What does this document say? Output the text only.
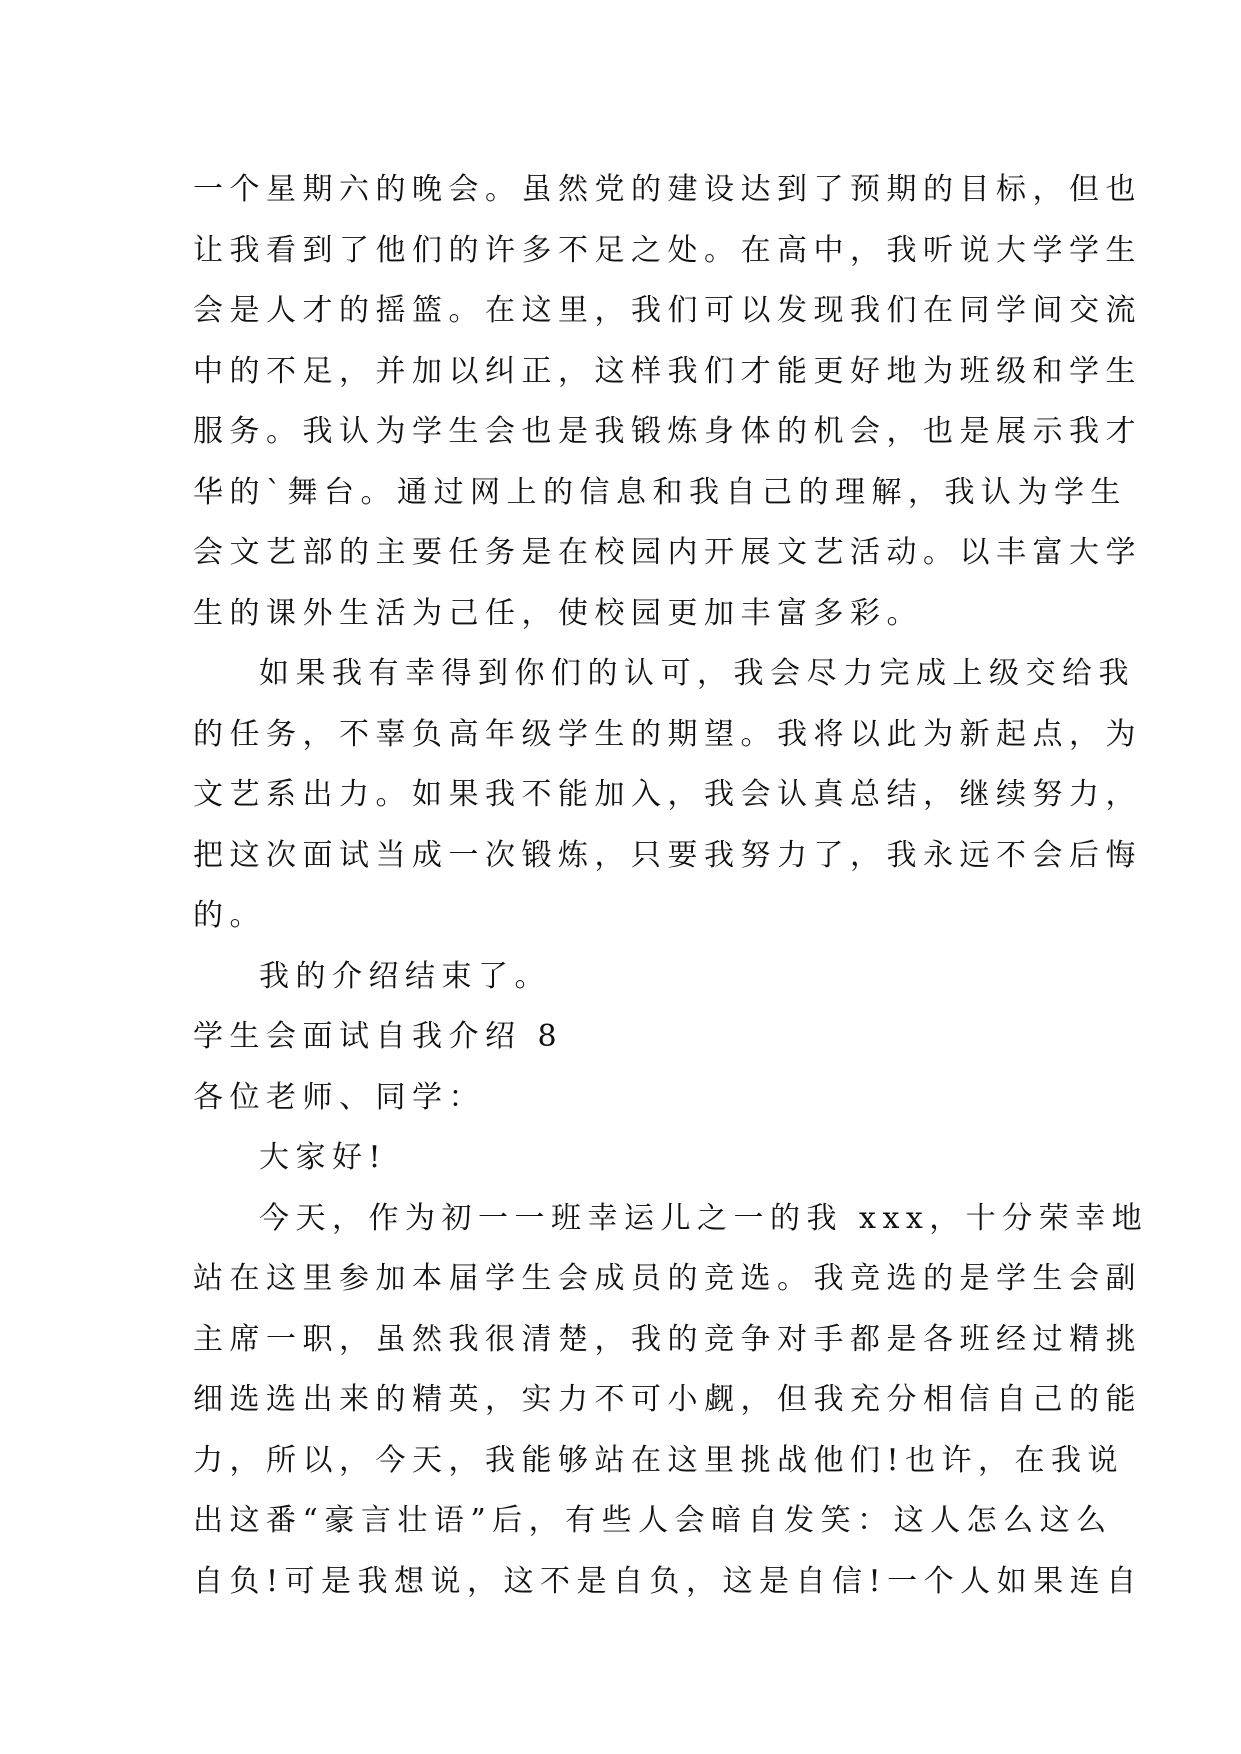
一个星期六的晚会。虽然党的建设达到了预期的目标，但也
让我看到了他们的许多不足之处。在高中，我听说大学学生
会是人才的摇篮。在这里，我们可以发现我们在同学间交流
中的不足，并加以纠正，这样我们才能更好地为班级和学生
服务。我认为学生会也是我锻炼身体的机会，也是展示我才
华的`舞台。通过网上的信息和我自己的理解，我认为学生
会文艺部的主要任务是在校园内开展文艺活动。以丰富大学
生的课外生活为己任，使校园更加丰富多彩。
如果我有幸得到你们的认可，我会尽力完成上级交给我
的任务，不辜负高年级学生的期望。我将以此为新起点，为
文艺系出力。如果我不能加入，我会认真总结，继续努力，
把这次面试当成一次锻炼，只要我努力了，我永远不会后悔
的。
我的介绍结束了。
学生会面试自我介绍 8
各位老师、同学：
大家好!
今天，作为初一一班幸运儿之一的我 xxx，十分荣幸地
站在这里参加本届学生会成员的竞选。我竞选的是学生会副
主席一职，虽然我很清楚，我的竞争对手都是各班经过精挑
细选选出来的精英，实力不可小觑，但我充分相信自己的能
力，所以，今天，我能够站在这里挑战他们!也许，在我说
出这番“豪言壮语”后，有些人会暗自发笑：这人怎么这么
自负!可是我想说，这不是自负，这是自信!一个人如果连自
